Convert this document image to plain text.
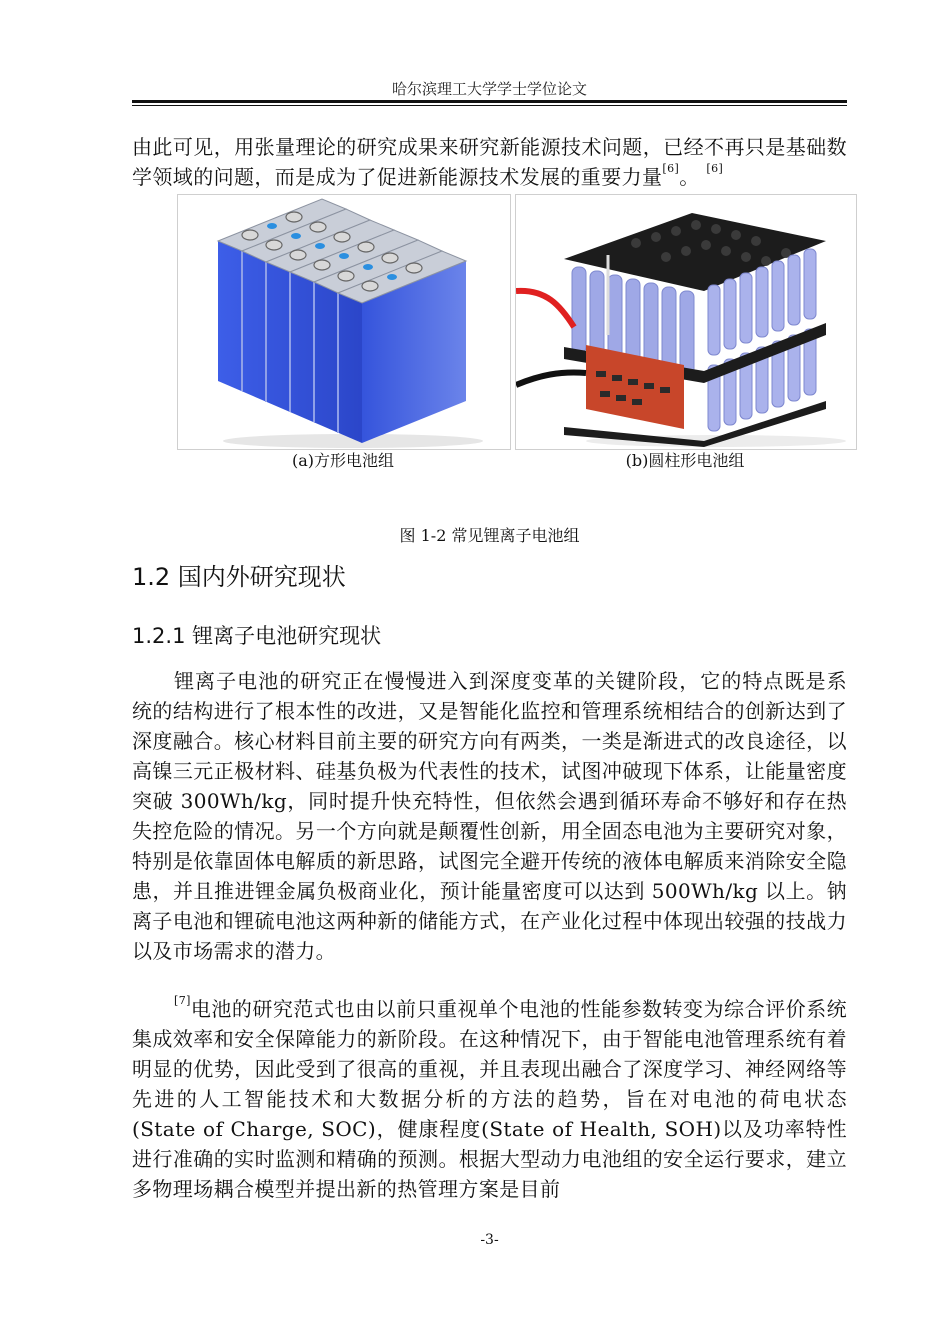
哈尔滨理工大学学士学位论文
由此可见，用张量理论的研究成果来研究新能源技术问题，已经不再只是基础数学领域的问题，而是成为了促进新能源技术发展的重要力量[6]。 [6]
(a)方形电池组	(b)圆柱形电池组
图 1-2 常见锂离子电池组
1.2 国内外研究现状
1.2.1 锂离子电池研究现状
锂离子电池的研究正在慢慢进入到深度变革的关键阶段，它的特点既是系统的结构进行了根本性的改进，又是智能化监控和管理系统相结合的创新达到了深度融合。核心材料目前主要的研究方向有两类，一类是渐进式的改良途径，以高镍三元正极材料、硅基负极为代表性的技术，试图冲破现下体系，让能量密度突破 300Wh/kg，同时提升快充特性，但依然会遇到循环寿命不够好和存在热失控危险的情况。另一个方向就是颠覆性创新，用全固态电池为主要研究对象，特别是依靠固体电解质的新思路，试图完全避开传统的液体电解质来消除安全隐患，并且推进锂金属负极商业化，预计能量密度可以达到 500Wh/kg 以上。钠离子电池和锂硫电池这两种新的储能方式，在产业化过程中体现出较强的技战力以及市场需求的潜力。
[7]电池的研究范式也由以前只重视单个电池的性能参数转变为综合评价系统集成效率和安全保障能力的新阶段。在这种情况下，由于智能电池管理系统有着明显的优势，因此受到了很高的重视，并且表现出融合了深度学习、神经网络等先进的人工智能技术和大数据分析的方法的趋势，旨在对电池的荷电状态(State of Charge, SOC)，健康程度(State of Health, SOH)以及功率特性进行准确的实时监测和精确的预测。根据大型动力电池组的安全运行要求，建立多物理场耦合模型并提出新的热管理方案是目前
-3-
